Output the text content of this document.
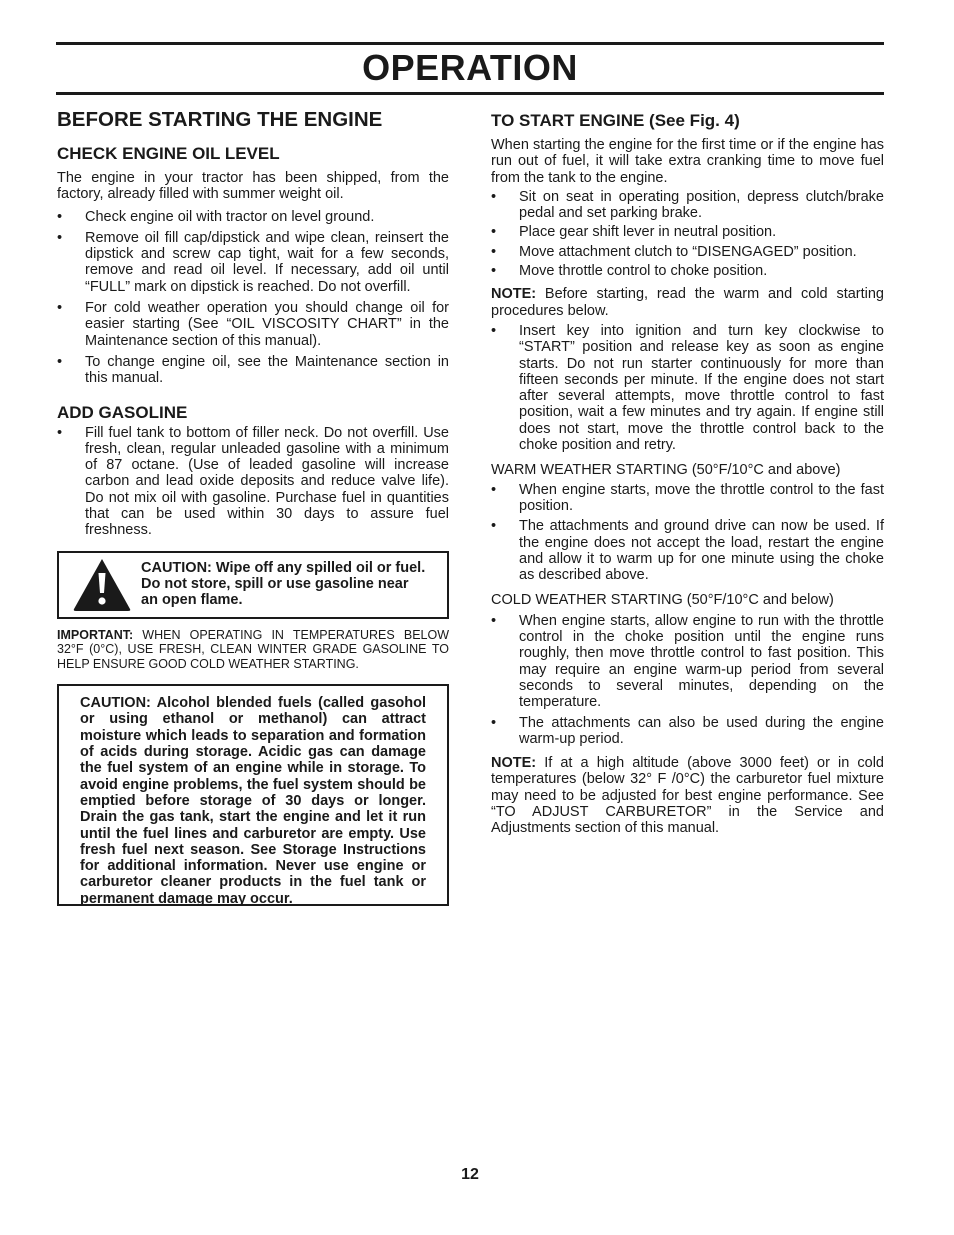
OPERATION
BEFORE STARTING THE ENGINE
CHECK ENGINE OIL LEVEL

The engine in your tractor has been shipped, from the factory, already filled with summer weight oil.

• Check engine oil with tractor on level ground.
• Remove oil fill cap/dipstick and wipe clean, reinsert the dipstick and screw cap tight, wait for a few seconds, remove and read oil level. If necessary, add oil until “FULL” mark on dipstick is reached. Do not overfill.
• For cold weather operation you should change oil for easier starting (See “OIL VISCOSITY CHART” in the Maintenance section of this manual).
• To change engine oil, see the Maintenance section in this manual.
ADD GASOLINE
• Fill fuel tank to bottom of filler neck. Do not overfill. Use fresh, clean, regular unleaded gasoline with a minimum of 87 octane. (Use of leaded gasoline will increase carbon and lead oxide deposits and reduce valve life). Do not mix oil with gasoline. Purchase fuel in quantities that can be used within 30 days to assure fuel freshness.

CAUTION: Wipe off any spilled oil or fuel. Do not store, spill or use gasoline near an open flame.

IMPORTANT: WHEN OPERATING IN TEMPERATURES BELOW 32°F (0°C), USE FRESH, CLEAN WINTER GRADE GASOLINE TO HELP ENSURE GOOD COLD WEATHER STARTING.

CAUTION: Alcohol blended fuels (called gasohol or using ethanol or methanol) can attract moisture which leads to separation and formation of acids during storage. Acidic gas can damage the fuel system of an engine while in storage. To avoid engine problems, the fuel system should be emptied before storage of 30 days or longer. Drain the gas tank, start the engine and let it run until the fuel lines and carburetor are empty. Use fresh fuel next season. See Storage Instructions for additional information. Never use engine or carburetor cleaner products in the fuel tank or permanent damage may occur.

TO START ENGINE (See Fig. 4)

When starting the engine for the first time or if the engine has run out of fuel, it will take extra cranking time to move fuel from the tank to the engine.

• Sit on seat in operating position, depress clutch/brake pedal and set parking brake.
• Place gear shift lever in neutral position.
• Move attachment clutch to “DISENGAGED” position.
• Move throttle control to choke position.

NOTE: Before starting, read the warm and cold starting procedures below.

• Insert key into ignition and turn key clockwise to “START” position and release key as soon as engine starts. Do not run starter continuously for more than fifteen seconds per minute. If the engine does not start after several attempts, move throttle control to fast position, wait a few minutes and try again. If engine still does not start, move the throttle control back to the choke position and retry.

WARM WEATHER STARTING (50°F/10°C and above)

• When engine starts, move the throttle control to the fast position.
• The attachments and ground drive can now be used. If the engine does not accept the load, restart the engine and allow it to warm up for one minute using the choke as described above.

COLD WEATHER STARTING (50°F/10°C and below)

• When engine starts, allow engine to run with the throttle control in the choke position until the engine runs roughly, then move throttle control to fast position. This may require an engine warm-up period from several seconds to several minutes, depending on the temperature.
• The attachments can also be used during the engine warm-up period.

NOTE: If at a high altitude (above 3000 feet) or in cold temperatures (below 32° F /0°C) the carburetor fuel mixture may need to be adjusted for best engine performance. See “TO ADJUST CARBURETOR” in the Service and Adjustments section of this manual.

12
